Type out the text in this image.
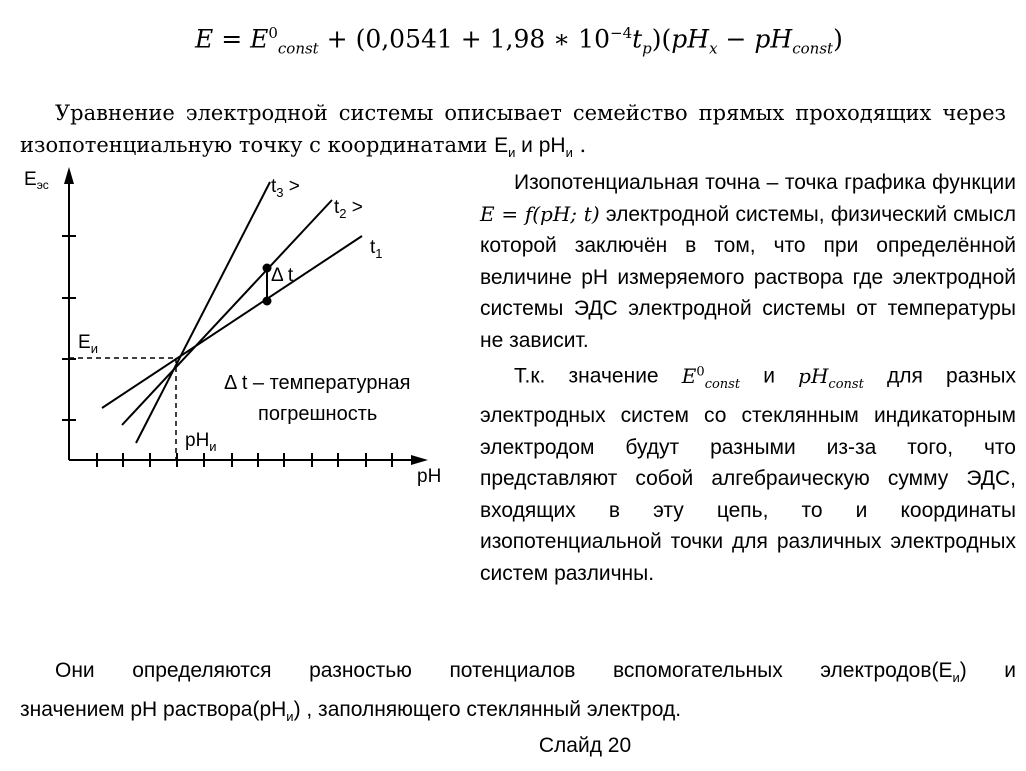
$E = E^0_{const} + (0,0541 + 1,98$ ∗ $10^{-4}t_p)(pH_x - pH_{const})$
Уравнение электродной системы описывает семейство прямых проходящих через
изопотенциальную точку с координатами $E_и$ и $pH_и$ .
$E_{эс}$
pH
$t_3$ >
$t_2$ >
$t_1$
Δ t
$E_и$
$pH_и$
Δ t – температурная
погрешность

Изопотенциальная точна – точка графика функции E = f(pH; t) электродной системы, физический смысл которой заключён в том, что при определённой величине pH измеряемого раствора где электродной системы ЭДС электродной системы от температуры не зависит.

Т.к. значение $E^0_{const}$ и $pH_{const}$ для разных электродных систем со стеклянным индикаторным электродом будут разными из-за того, что представляют собой алгебраическую сумму ЭДС, входящих в эту цепь, то и координаты изопотенциальной точки для различных электродных систем различны.

Они определяются разностью потенциалов вспомогательных $электродов(E_и)$ и
значением pH $раствора(pH_и)$ , заполняющего стеклянный электрод.
Слайд 20
